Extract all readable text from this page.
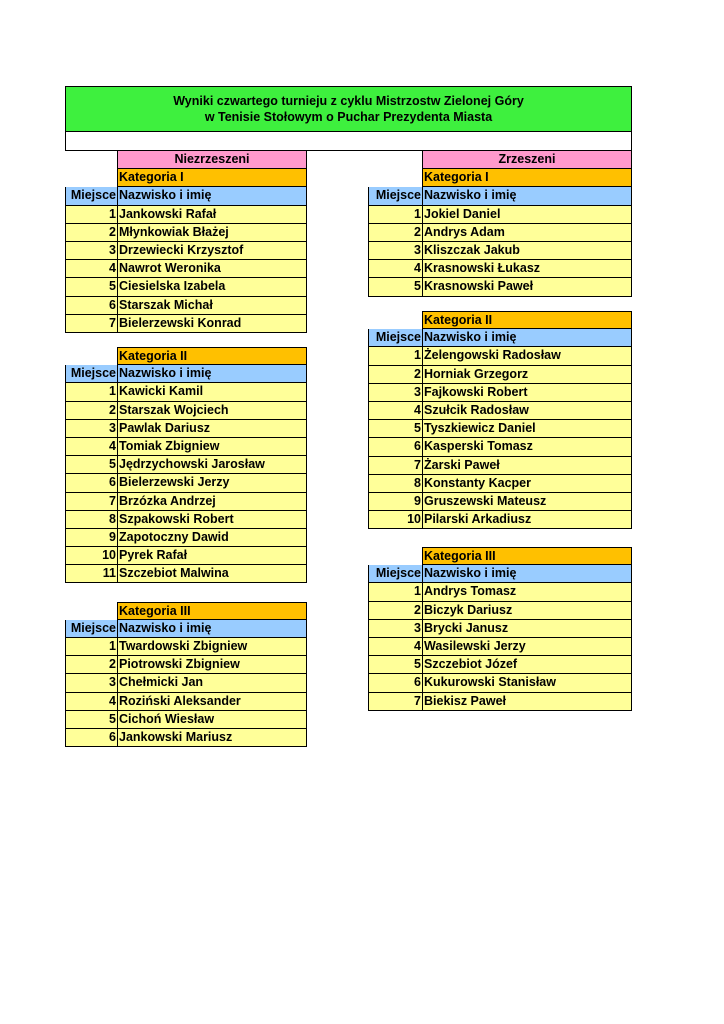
Wyniki czwartego turnieju z cyklu Mistrzostw Zielonej Góry
w Tenisie Stołowym o Puchar Prezydenta Miasta
Niezrzeszeni
Kategoria I
Miejsce Nazwisko i imię
1 Jankowski Rafał
2 Młynkowiak Błażej
3 Drzewiecki Krzysztof
4 Nawrot Weronika
5 Ciesielska Izabela
6 Starszak Michał
7 Bielerzewski Konrad
Kategoria II
Miejsce Nazwisko i imię
1 Kawicki Kamil
2 Starszak Wojciech
3 Pawlak Dariusz
4 Tomiak Zbigniew
5 Jędrzychowski Jarosław
6 Bielerzewski Jerzy
7 Brzózka Andrzej
8 Szpakowski Robert
9 Zapotoczny Dawid
10 Pyrek Rafał
11 Szczebiot Malwina
Kategoria III
Miejsce Nazwisko i imię
1 Twardowski Zbigniew
2 Piotrowski Zbigniew
3 Chełmicki Jan
4 Roziński Aleksander
5 Cichoń Wiesław
6 Jankowski Mariusz
Zrzeszeni
Kategoria I
Miejsce Nazwisko i imię
1 Jokiel Daniel
2 Andrys Adam
3 Kliszczak Jakub
4 Krasnowski Łukasz
5 Krasnowski Paweł
Kategoria II
Miejsce Nazwisko i imię
1 Żelengowski Radosław
2 Horniak Grzegorz
3 Fajkowski Robert
4 Szułcik Radosław
5 Tyszkiewicz Daniel
6 Kasperski Tomasz
7 Żarski Paweł
8 Konstanty Kacper
9 Gruszewski Mateusz
10 Pilarski Arkadiusz
Kategoria III
Miejsce Nazwisko i imię
1 Andrys Tomasz
2 Biczyk Dariusz
3 Brycki Janusz
4 Wasilewski Jerzy
5 Szczebiot Józef
6 Kukurowski Stanisław
7 Biekisz Paweł
